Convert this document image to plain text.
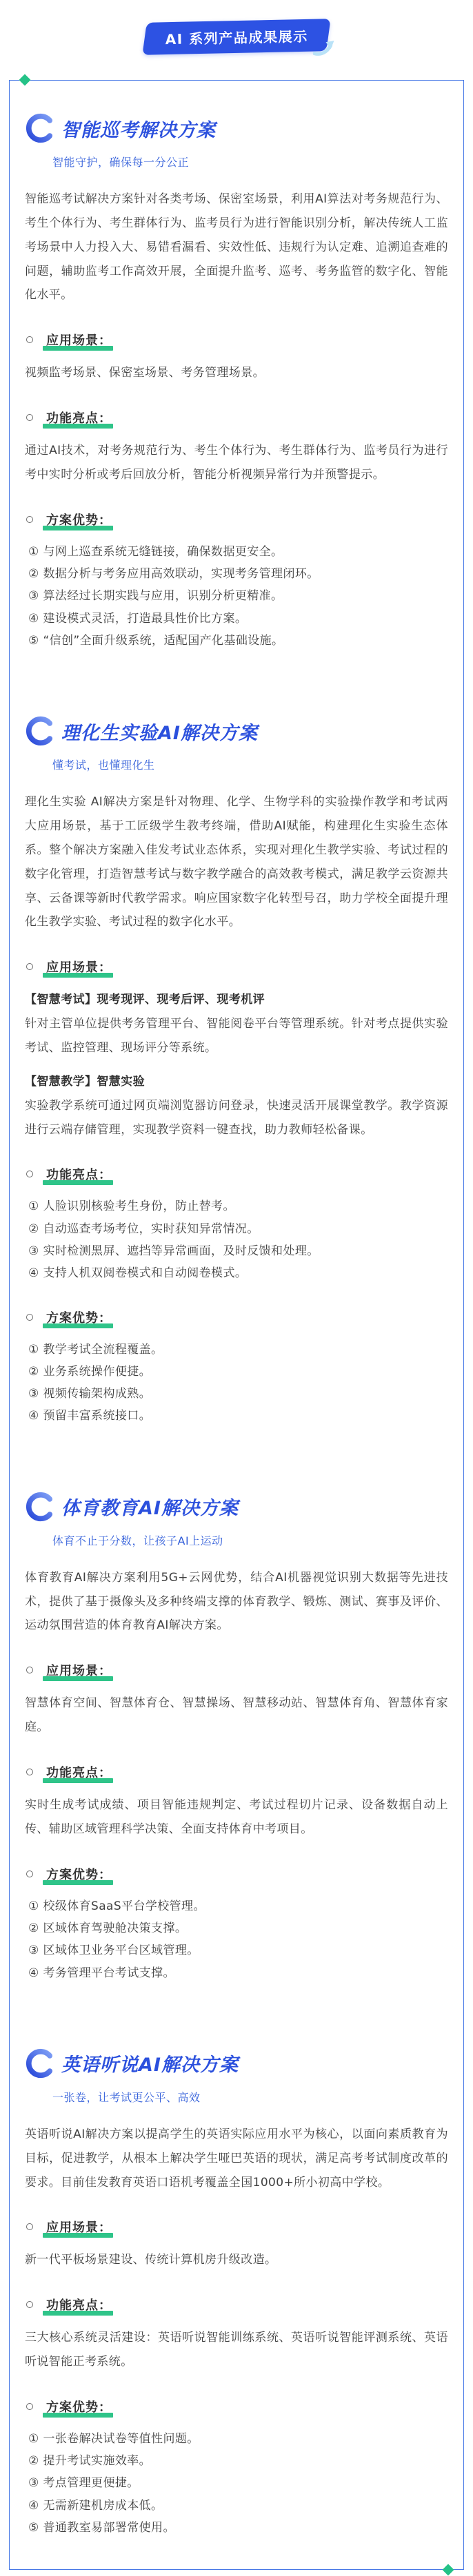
AI 系列产品成果展示
智能巡考解决方案
智能守护，确保每一分公正

智能巡考试解决方案针对各类考场、保密室场景，利用AI算法对考务规范行为、考生个体行为、考生群体行为、监考员行为进行智能识别分析，解决传统人工监考场景中人力投入大、易错看漏看、实效性低、违规行为认定难、追溯追查难的问题，辅助监考工作高效开展，全面提升监考、巡考、考务监管的数字化、智能化水平。

应用场景：

视频监考场景、保密室场景、考务管理场景。

功能亮点：

通过AI技术，对考务规范行为、考生个体行为、考生群体行为、监考员行为进行考中实时分析或考后回放分析，智能分析视频异常行为并预警提示。

方案优势：
① 与网上巡查系统无缝链接，确保数据更安全。
② 数据分析与考务应用高效联动，实现考务管理闭环。
③ 算法经过长期实践与应用，识别分析更精准。
④ 建设模式灵活，打造最具性价比方案。
⑤ “信创”全面升级系统，适配国产化基础设施。
理化生实验AI解决方案
懂考试，也懂理化生

理化生实验 AI解决方案是针对物理、化学、生物学科的实验操作教学和考试两大应用场景，基于工匠级学生教考终端，借助AI赋能，构建理化生实验生态体系。整个解决方案融入佳发考试业态体系，实现对理化生教学实验、考试过程的数字化管理，打造智慧考试与数字教学融合的高效教考模式，满足教学云资源共享、云备课等新时代教学需求。响应国家数字化转型号召，助力学校全面提升理化生教学实验、考试过程的数字化水平。

应用场景：

【智慧考试】现考现评、现考后评、现考机评

针对主管单位提供考务管理平台、智能阅卷平台等管理系统。针对考点提供实验考试、监控管理、现场评分等系统。

【智慧教学】智慧实验

实验教学系统可通过网页端浏览器访问登录，快速灵活开展课堂教学。教学资源进行云端存储管理，实现教学资料一键查找，助力教师轻松备课。

功能亮点：
① 人脸识别核验考生身份，防止替考。
② 自动巡查考场考位，实时获知异常情况。
③ 实时检测黑屏、遮挡等异常画面，及时反馈和处理。
④ 支持人机双阅卷模式和自动阅卷模式。
方案优势：
① 教学考试全流程覆盖。
② 业务系统操作便捷。
③ 视频传输架构成熟。
④ 预留丰富系统接口。
体育教育AI解决方案
体育不止于分数，让孩子AI上运动

体育教育AI解决方案利用5G+云网优势，结合AI机器视觉识别大数据等先进技术，提供了基于摄像头及多种终端支撑的体育教学、锻炼、测试、赛事及评价、运动氛围营造的体育教育AI解决方案。

应用场景：

智慧体育空间、智慧体育仓、智慧操场、智慧移动站、智慧体育角、智慧体育家庭。

功能亮点：

实时生成考试成绩、项目智能违规判定、考试过程切片记录、设备数据自动上传、辅助区域管理科学决策、全面支持体育中考项目。

方案优势：
① 校级体育SaaS平台学校管理。
② 区域体育驾驶舱决策支撑。
③ 区域体卫业务平台区域管理。
④ 考务管理平台考试支撑。
英语听说AI解决方案
一张卷，让考试更公平、高效

英语听说AI解决方案以提高学生的英语实际应用水平为核心，以面向素质教育为目标，促进教学，从根本上解决学生哑巴英语的现状，满足高考考试制度改革的要求。目前佳发教育英语口语机考覆盖全国1000+所小初高中学校。

应用场景：

新一代平板场景建设、传统计算机房升级改造。

功能亮点：

三大核心系统灵活建设：英语听说智能训练系统、英语听说智能评测系统、英语听说智能正考系统。

方案优势：
① 一张卷解决试卷等值性问题。
② 提升考试实施效率。
③ 考点管理更便捷。
④ 无需新建机房成本低。
⑤ 普通教室易部署常使用。
